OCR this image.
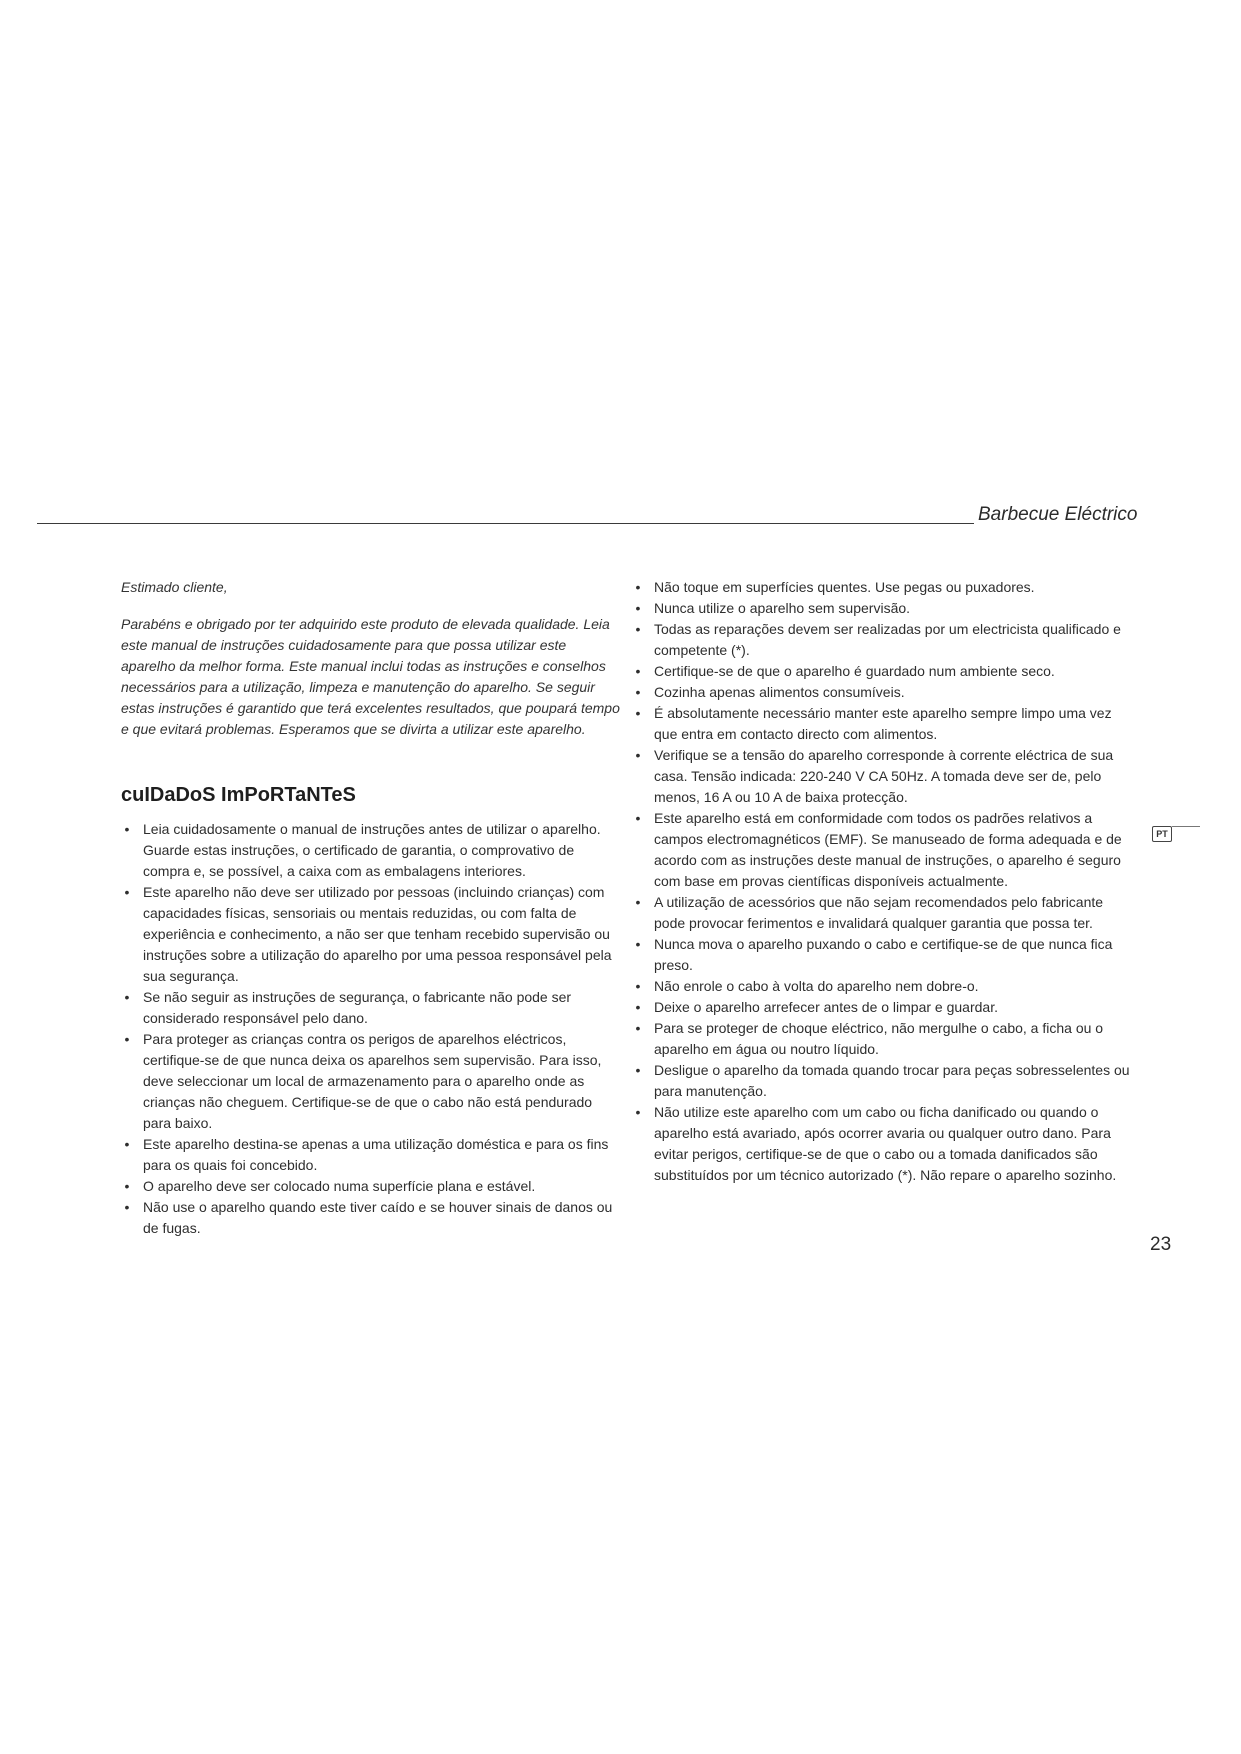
Barbecue Eléctrico

Estimado cliente,

Parabéns e obrigado por ter adquirido este produto de elevada qualidade. Leia este manual de instruções cuidadosamente para que possa utilizar este aparelho da melhor forma. Este manual inclui todas as instruções e conselhos necessários para a utilização, limpeza e manutenção do aparelho. Se seguir estas instruções é garantido que terá excelentes resultados, que poupará tempo e que evitará problemas. Esperamos que se divirta a utilizar este aparelho.

cuIDaDoS ImPoRTaNTeS
• Leia cuidadosamente o manual de instruções antes de utilizar o aparelho. Guarde estas instruções, o certificado de garantia, o comprovativo de compra e, se possível, a caixa com as embalagens interiores.
• Este aparelho não deve ser utilizado por pessoas (incluindo crianças) com capacidades físicas, sensoriais ou mentais reduzidas, ou com falta de experiência e conhecimento, a não ser que tenham recebido supervisão ou instruções sobre a utilização do aparelho por uma pessoa responsável pela sua segurança.
• Se não seguir as instruções de segurança, o fabricante não pode ser considerado responsável pelo dano.
• Para proteger as crianças contra os perigos de aparelhos eléctricos, certifique-se de que nunca deixa os aparelhos sem supervisão. Para isso, deve seleccionar um local de armazenamento para o aparelho onde as crianças não cheguem. Certifique-se de que o cabo não está pendurado para baixo.
• Este aparelho destina-se apenas a uma utilização doméstica e para os fins para os quais foi concebido.
• O aparelho deve ser colocado numa superfície plana e estável.
• Não use o aparelho quando este tiver caído e se houver sinais de danos ou de fugas.
• Não toque em superfícies quentes. Use pegas ou puxadores.
• Nunca utilize o aparelho sem supervisão.
• Todas as reparações devem ser realizadas por um electricista qualificado e competente (*).
• Certifique-se de que o aparelho é guardado num ambiente seco.
• Cozinha apenas alimentos consumíveis.
• É absolutamente necessário manter este aparelho sempre limpo uma vez que entra em contacto directo com alimentos.
• Verifique se a tensão do aparelho corresponde à corrente eléctrica de sua casa. Tensão indicada: 220-240 V CA 50Hz. A tomada deve ser de, pelo menos, 16 A ou 10 A de baixa protecção.
• Este aparelho está em conformidade com todos os padrões relativos a campos electromagnéticos (EMF). Se manuseado de forma adequada e de acordo com as instruções deste manual de instruções, o aparelho é seguro com base em provas científicas disponíveis actualmente.
• A utilização de acessórios que não sejam recomendados pelo fabricante pode provocar ferimentos e invalidará qualquer garantia que possa ter.
• Nunca mova o aparelho puxando o cabo e certifique-se de que nunca fica preso.
• Não enrole o cabo à volta do aparelho nem dobre-o.
• Deixe o aparelho arrefecer antes de o limpar e guardar.
• Para se proteger de choque eléctrico, não mergulhe o cabo, a ficha ou o aparelho em água ou noutro líquido.
• Desligue o aparelho da tomada quando trocar para peças sobresselentes ou para manutenção.
• Não utilize este aparelho com um cabo ou ficha danificado ou quando o aparelho está avariado, após ocorrer avaria ou qualquer outro dano. Para evitar perigos, certifique-se de que o cabo ou a tomada danificados são substituídos por um técnico autorizado (*). Não repare o aparelho sozinho.
PT
23
